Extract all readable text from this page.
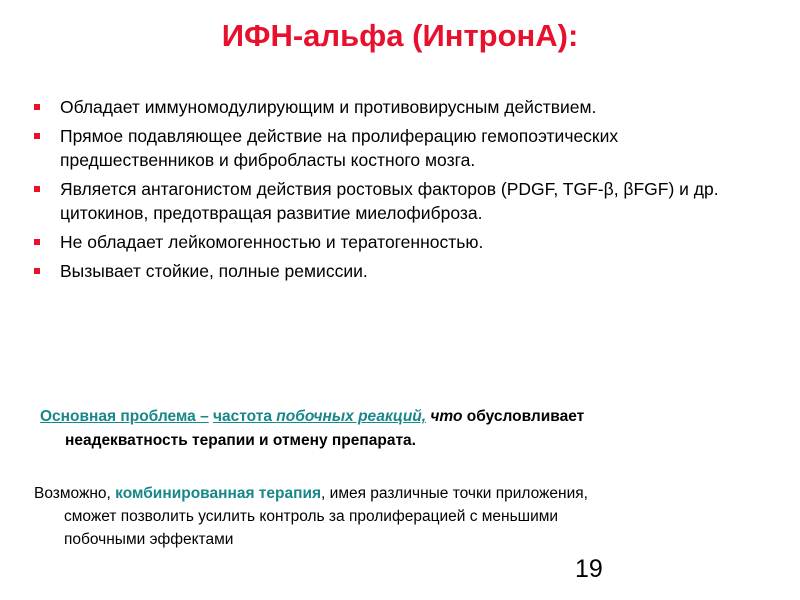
ИФН-альфа (ИнтронА):
Обладает иммуномодулирующим и противовирусным действием.
Прямое подавляющее действие на пролиферацию гемопоэтических предшественников и фибробласты костного мозга.
Является антагонистом действия ростовых факторов (PDGF, TGF-β, βFGF) и др. цитокинов, предотвращая развитие миелофиброза.
Не обладает лейкомогенностью и тератогенностью.
Вызывает стойкие, полные ремиссии.
Основная проблема – частота побочных реакций, что обусловливает
неадекватность терапии и отмену препарата.
Возможно, комбинированная терапия, имея различные точки приложения,
сможет позволить усилить контроль за пролиферацией с меньшими
побочными эффектами
19
